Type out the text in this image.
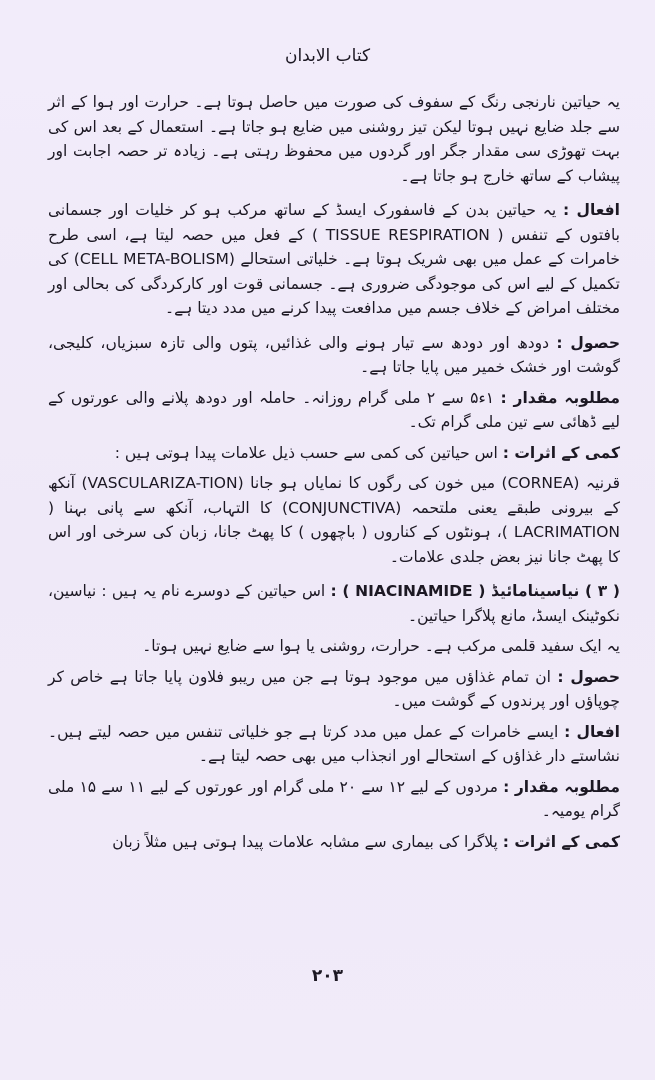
کتاب الابدان

یہ حیاتین نارنجی رنگ کے سفوف کی صورت میں حاصل ہوتا ہے۔ حرارت اور ہوا کے اثر سے جلد ضایع نہیں ہوتا لیکن تیز روشنی میں ضایع ہو جاتا ہے۔ استعمال کے بعد اس کی بہت تھوڑی سی مقدار جگر اور گردوں میں محفوظ رہتی ہے۔ زیادہ تر حصہ اجابت اور پیشاب کے ساتھ خارج ہو جاتا ہے۔

افعال : یہ حیاتین بدن کے فاسفورک ایسڈ کے ساتھ مرکب ہو کر خلیات اور جسمانی بافتوں کے تنفس ( TISSUE RESPIRATION ) کے فعل میں حصہ لیتا ہے، اسی طرح خامرات کے عمل میں بھی شریک ہوتا ہے۔ خلیاتی استحالے (CELL META-BOLISM) کی تکمیل کے لیے اس کی موجودگی ضروری ہے۔ جسمانی قوت اور کارکردگی کی بحالی اور مختلف امراض کے خلاف جسم میں مدافعت پیدا کرنے میں مدد دیتا ہے۔

حصول : دودھ اور دودھ سے تیار ہونے والی غذائیں، پتوں والی تازہ سبزیاں، کلیجی، گوشت اور خشک خمیر میں پایا جاتا ہے۔

مطلوبہ مقدار : ۱ء۵ سے ۲ ملی گرام روزانہ۔ حاملہ اور دودھ پلانے والی عورتوں کے لیے ڈھائی سے تین ملی گرام تک۔

کمی کے اثرات : اس حیاتین کی کمی سے حسب ذیل علامات پیدا ہوتی ہیں :

قرنیہ (CORNEA) میں خون کی رگوں کا نمایاں ہو جانا (VASCULARIZA-TION) آنکھ کے بیرونی طبقے یعنی ملتحمہ (CONJUNCTIVA) کا التہاب، آنکھ سے پانی بہنا ( LACRIMATION )، ہونٹوں کے کناروں ( باچھوں ) کا پھٹ جانا، زبان کی سرخی اور اس کا پھٹ جانا نیز بعض جلدی علامات۔

( ۳ ) نیاسینامائیڈ ( NIACINAMIDE ) : اس حیاتین کے دوسرے نام یہ ہیں : نیاسین، نکوٹینک ایسڈ، مانع پلاگرا حیاتین۔

یہ ایک سفید قلمی مرکب ہے۔ حرارت، روشنی یا ہوا سے ضایع نہیں ہوتا۔

حصول : ان تمام غذاؤں میں موجود ہوتا ہے جن میں ریبو فلاون پایا جاتا ہے خاص کر چوپاؤں اور پرندوں کے گوشت میں۔

افعال : ایسے خامرات کے عمل میں مدد کرتا ہے جو خلیاتی تنفس میں حصہ لیتے ہیں۔ نشاستے دار غذاؤں کے استحالے اور انجذاب میں بھی حصہ لیتا ہے۔

مطلوبہ مقدار : مردوں کے لیے ۱۲ سے ۲۰ ملی گرام اور عورتوں کے لیے ۱۱ سے ۱۵ ملی گرام یومیہ۔

کمی کے اثرات : پلاگرا کی بیماری سے مشابہ علامات پیدا ہوتی ہیں مثلاً زبان

۲۰۳
